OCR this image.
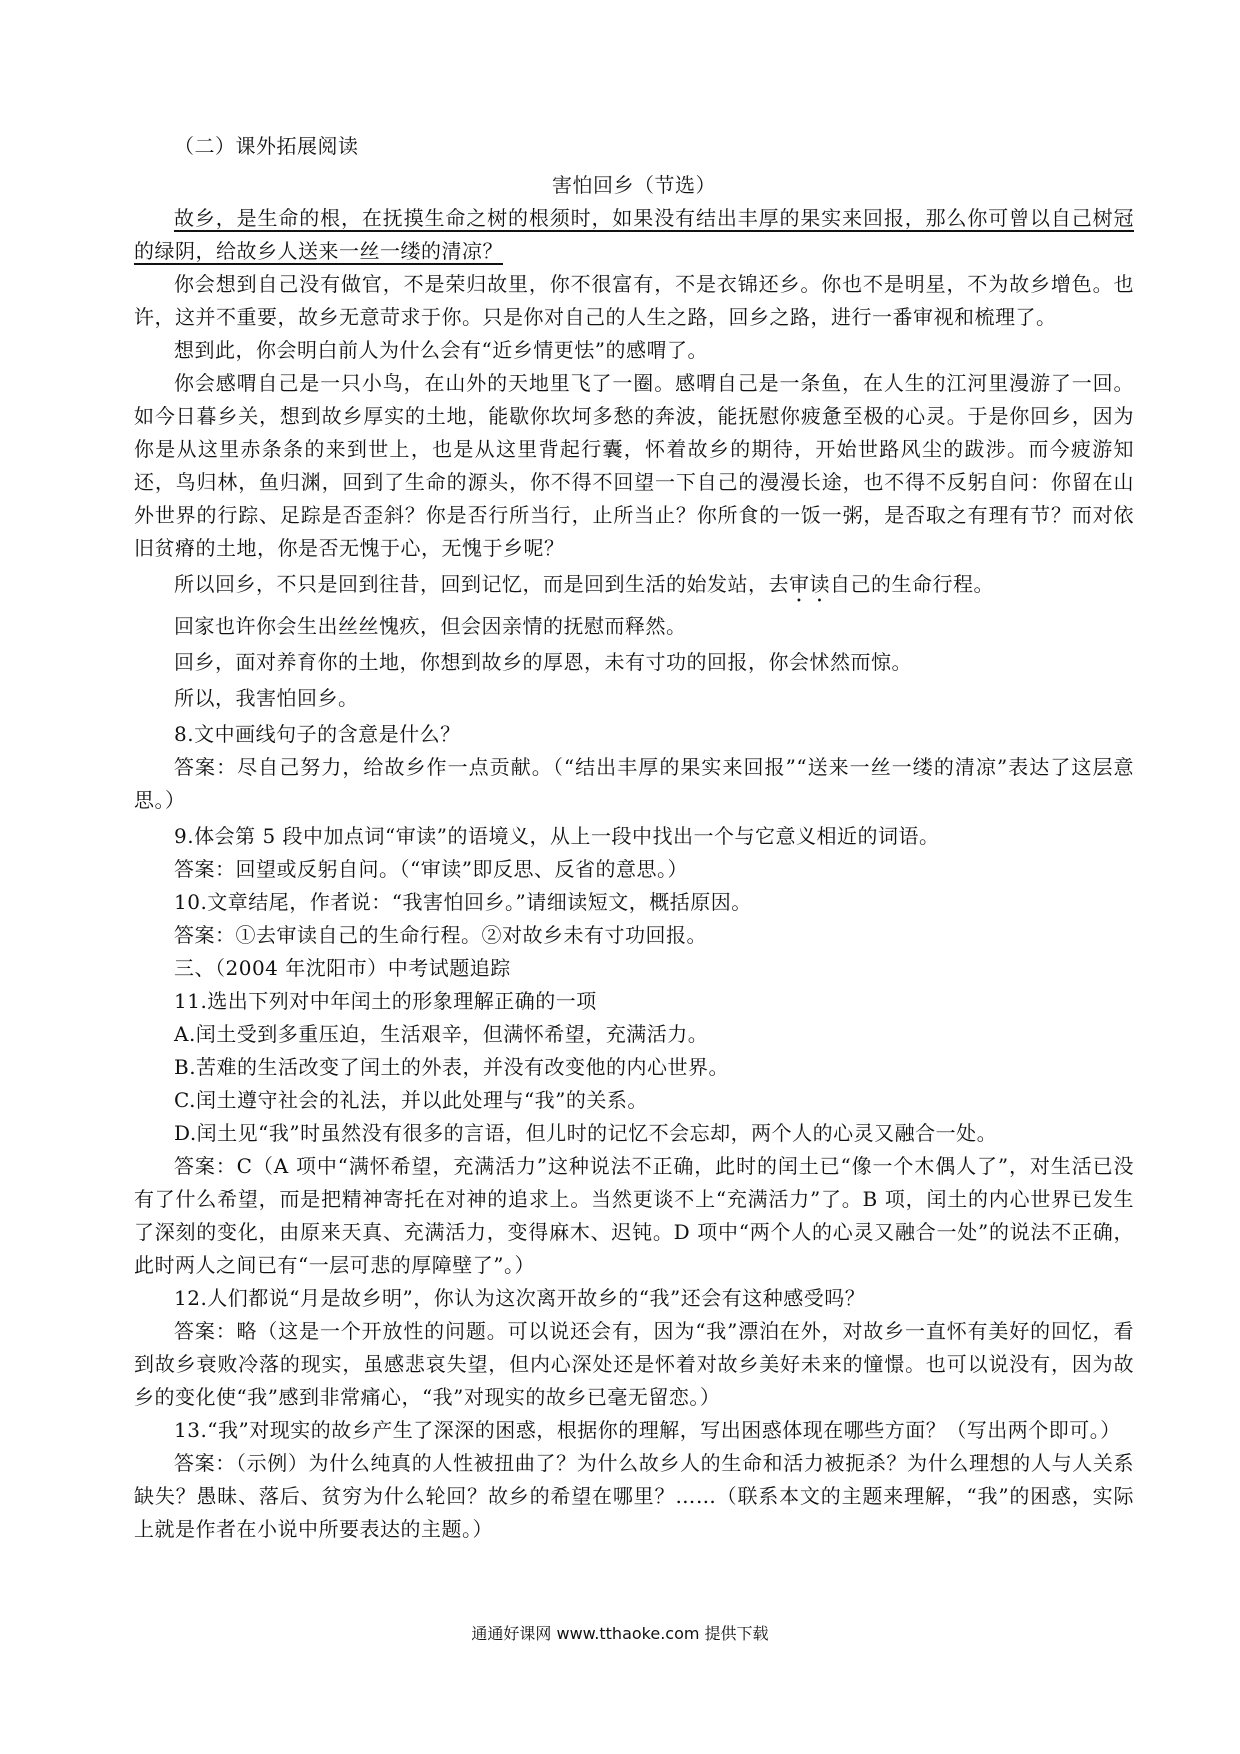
（二）课外拓展阅读

害怕回乡（节选）

故乡，是生命的根，在抚摸生命之树的根须时，如果没有结出丰厚的果实来回报，那么你可曾以自己树冠的绿阴，给故乡人送来一丝一缕的清凉？

你会想到自己没有做官，不是荣归故里，你不很富有，不是衣锦还乡。你也不是明星，不为故乡增色。也许，这并不重要，故乡无意苛求于你。只是你对自己的人生之路，回乡之路，进行一番审视和梳理了。

想到此，你会明白前人为什么会有“近乡情更怯”的感喟了。

你会感喟自己是一只小鸟，在山外的天地里飞了一圈。感喟自己是一条鱼，在人生的江河里漫游了一回。如今日暮乡关，想到故乡厚实的土地，能歇你坎坷多愁的奔波，能抚慰你疲惫至极的心灵。于是你回乡，因为你是从这里赤条条的来到世上，也是从这里背起行囊，怀着故乡的期待，开始世路风尘的跋涉。而今疲游知还，鸟归林，鱼归渊，回到了生命的源头，你不得不回望一下自己的漫漫长途，也不得不反躬自问：你留在山外世界的行踪、足踪是否歪斜？你是否行所当行，止所当止？你所食的一饭一粥，是否取之有理有节？而对依旧贫瘠的土地，你是否无愧于心，无愧于乡呢？

所以回乡，不只是回到往昔，回到记忆，而是回到生活的始发站，去审读自己的生命行程。

回家也许你会生出丝丝愧疚，但会因亲情的抚慰而释然。

回乡，面对养育你的土地，你想到故乡的厚恩，未有寸功的回报，你会怵然而惊。

所以，我害怕回乡。

8.文中画线句子的含意是什么？

答案：尽自己努力，给故乡作一点贡献。（“结出丰厚的果实来回报”“送来一丝一缕的清凉”表达了这层意思。）

9.体会第 5 段中加点词“审读”的语境义，从上一段中找出一个与它意义相近的词语。

答案：回望或反躬自问。（“审读”即反思、反省的意思。）

10.文章结尾，作者说：“我害怕回乡。”请细读短文，概括原因。

答案：①去审读自己的生命行程。②对故乡未有寸功回报。

三、（2004 年沈阳市）中考试题追踪

11.选出下列对中年闰土的形象理解正确的一项

A.闰土受到多重压迫，生活艰辛，但满怀希望，充满活力。

B.苦难的生活改变了闰土的外表，并没有改变他的内心世界。

C.闰土遵守社会的礼法，并以此处理与“我”的关系。

D.闰土见“我”时虽然没有很多的言语，但儿时的记忆不会忘却，两个人的心灵又融合一处。

答案：C（A 项中“满怀希望，充满活力”这种说法不正确，此时的闰土已“像一个木偶人了”，对生活已没有了什么希望，而是把精神寄托在对神的追求上。当然更谈不上“充满活力”了。B 项，闰土的内心世界已发生了深刻的变化，由原来天真、充满活力，变得麻木、迟钝。D 项中“两个人的心灵又融合一处”的说法不正确，此时两人之间已有“一层可悲的厚障壁了”。）

12.人们都说“月是故乡明”，你认为这次离开故乡的“我”还会有这种感受吗？

答案：略（这是一个开放性的问题。可以说还会有，因为“我”漂泊在外，对故乡一直怀有美好的回忆，看到故乡衰败冷落的现实，虽感悲哀失望，但内心深处还是怀着对故乡美好未来的憧憬。也可以说没有，因为故乡的变化使“我”感到非常痛心，“我”对现实的故乡已毫无留恋。）

13.“我”对现实的故乡产生了深深的困惑，根据你的理解，写出困惑体现在哪些方面？（写出两个即可。）

答案：（示例）为什么纯真的人性被扭曲了？为什么故乡人的生命和活力被扼杀？为什么理想的人与人关系缺失？愚昧、落后、贫穷为什么轮回？故乡的希望在哪里？……（联系本文的主题来理解，“我”的困惑，实际上就是作者在小说中所要表达的主题。）

通通好课网 www.tthaoke.com 提供下载
